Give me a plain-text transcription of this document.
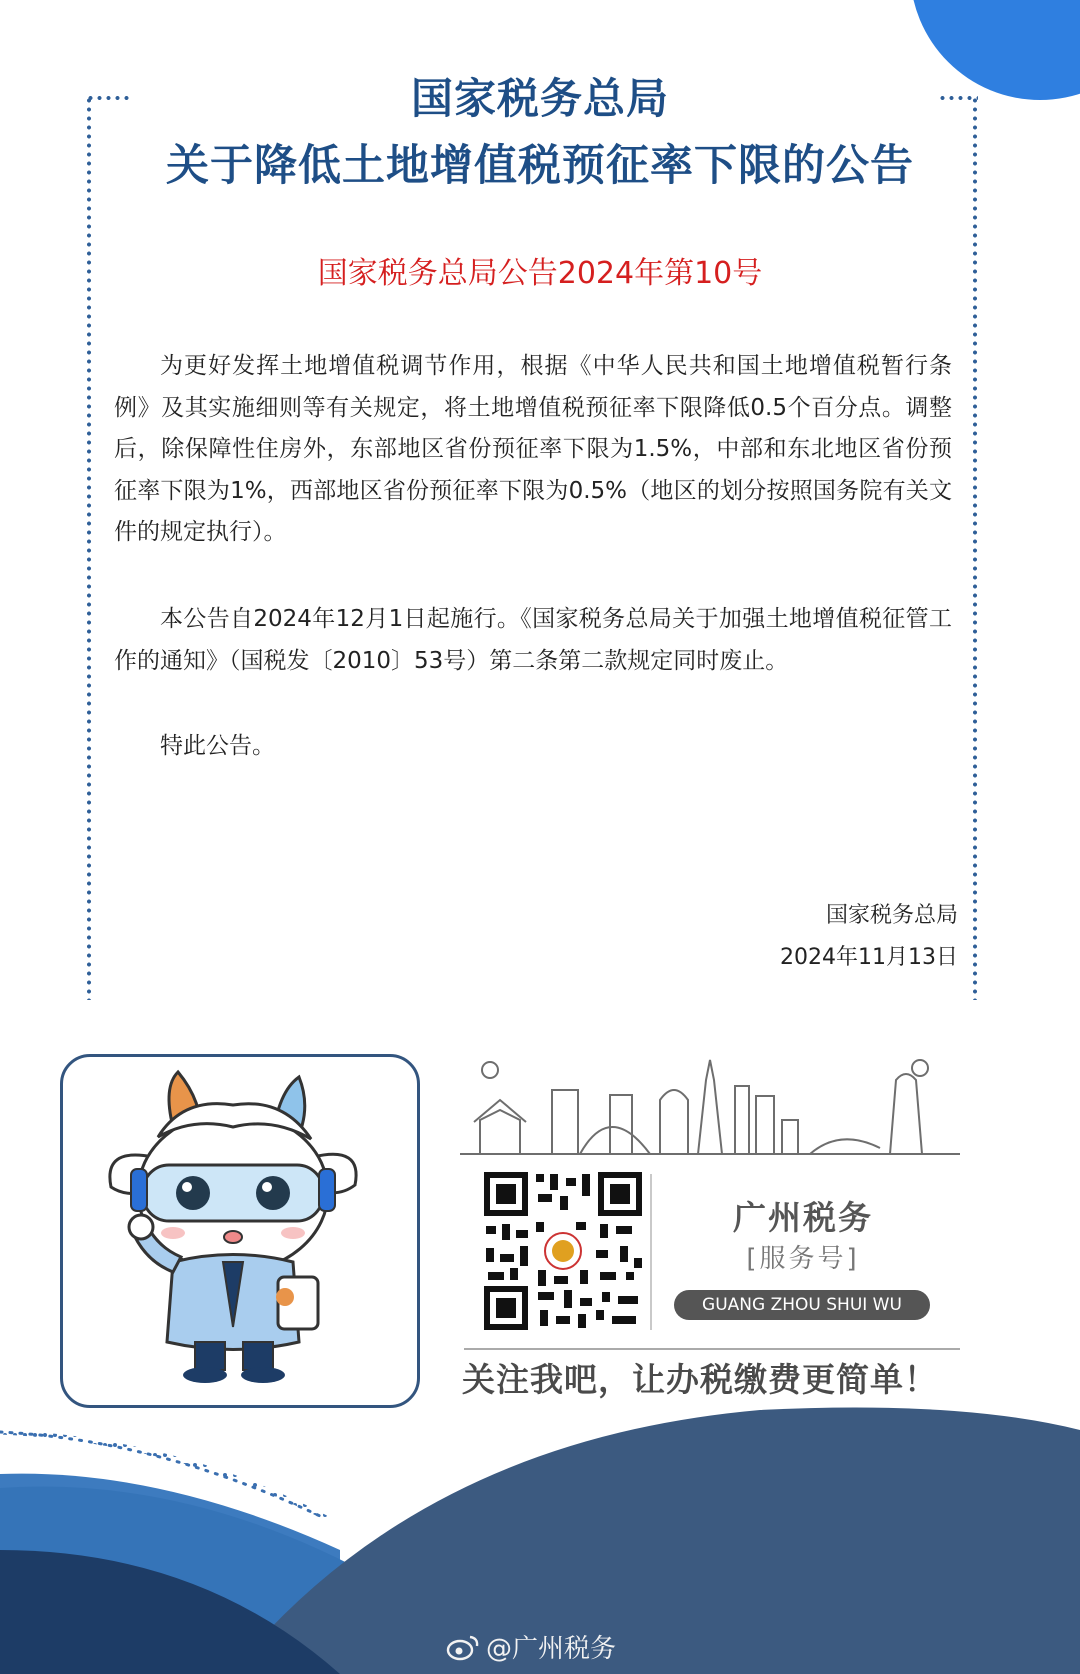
国家税务总局
关于降低土地增值税预征率下限的公告
国家税务总局公告2024年第10号

为更好发挥土地增值税调节作用，根据《中华人民共和国土地增值税暂行条例》及其实施细则等有关规定，将土地增值税预征率下限降低0.5个百分点。调整后，除保障性住房外，东部地区省份预征率下限为1.5%，中部和东北地区省份预征率下限为1%，西部地区省份预征率下限为0.5%（地区的划分按照国务院有关文件的规定执行）。

本公告自2024年12月1日起施行。《国家税务总局关于加强土地增值税征管工作的通知》（国税发〔2010〕53号）第二条第二款规定同时废止。

特此公告。

国家税务总局
2024年11月13日
广州税务
[服务号]
GUANG ZHOU SHUI WU
关注我吧，让办税缴费更简单！
@广州税务
